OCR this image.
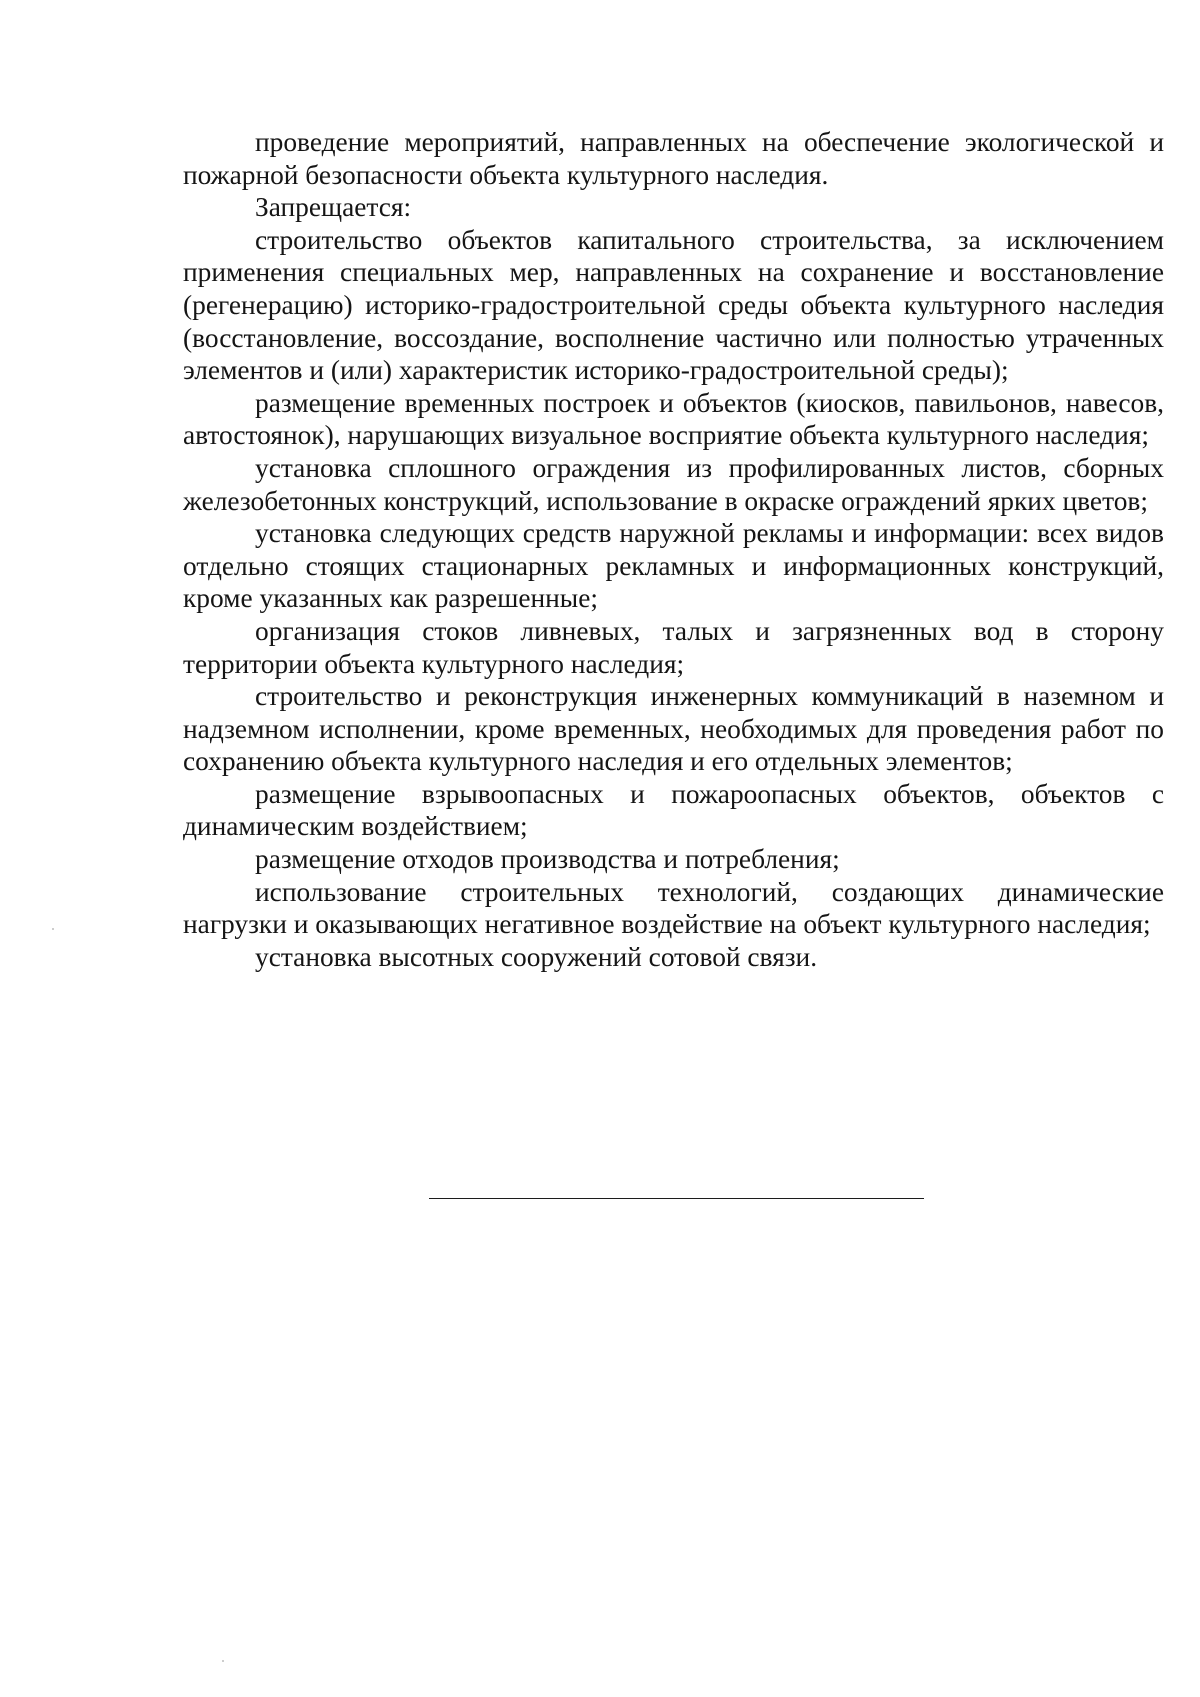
проведение мероприятий, направленных на обеспечение экологической и пожарной безопасности объекта культурного наследия.

Запрещается:

строительство объектов капитального строительства, за исключением применения специальных мер, направленных на сохранение и восстановление (регенерацию) историко-градостроительной среды объекта культурного наследия (восстановление, воссоздание, восполнение частично или полностью утраченных элементов и (или) характеристик историко-градостроительной среды);

размещение временных построек и объектов (киосков, павильонов, навесов, автостоянок), нарушающих визуальное восприятие объекта культурного наследия;

установка сплошного ограждения из профилированных листов, сборных железобетонных конструкций, использование в окраске ограждений ярких цветов;

установка следующих средств наружной рекламы и информации: всех видов отдельно стоящих стационарных рекламных и информационных конструкций, кроме указанных как разрешенные;

организация стоков ливневых, талых и загрязненных вод в сторону территории объекта культурного наследия;

строительство и реконструкция инженерных коммуникаций в наземном и надземном исполнении, кроме временных, необходимых для проведения работ по сохранению объекта культурного наследия и его отдельных элементов;

размещение взрывоопасных и пожароопасных объектов, объектов с динамическим воздействием;

размещение отходов производства и потребления;

использование строительных технологий, создающих динамические нагрузки и оказывающих негативное воздействие на объект культурного наследия;

установка высотных сооружений сотовой связи.
